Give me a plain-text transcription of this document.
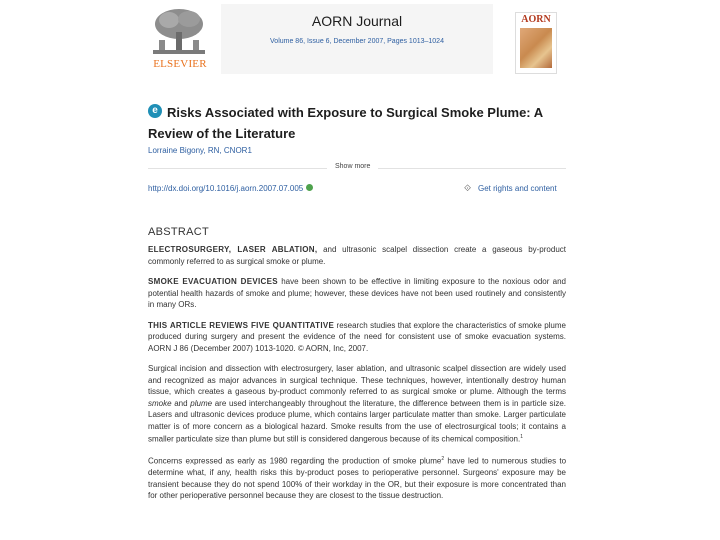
ELSEVIER
AORN Journal
Volume 86, Issue 6, December 2007, Pages 1013–1024
AORN
e Risks Associated with Exposure to Surgical Smoke Plume: A
Review of the Literature
Lorraine Bigony, RN, CNOR1
Show more
http://dx.doi.org/10.1016/j.aorn.2007.07.005	⟐ Get rights and content
ABSTRACT

ELECTROSURGERY, LASER ABLATION, and ultrasonic scalpel dissection create a gaseous by-product commonly referred to as surgical smoke or plume.

SMOKE EVACUATION DEVICES have been shown to be effective in limiting exposure to the noxious odor and potential health hazards of smoke and plume; however, these devices have not been used routinely and consistently in many ORs.

THIS ARTICLE REVIEWS FIVE QUANTITATIVE research studies that explore the characteristics of smoke plume produced during surgery and present the evidence of the need for consistent use of smoke evacuation systems. AORN J 86 (December 2007) 1013-1020. © AORN, Inc, 2007.

Surgical incision and dissection with electrosurgery, laser ablation, and ultrasonic scalpel dissection are widely used and recognized as major advances in surgical technique. These techniques, however, intentionally destroy human tissue, which creates a gaseous by-product commonly referred to as surgical smoke or plume. Although the terms smoke and plume are used interchangeably throughout the literature, the difference between them is in particle size. Lasers and ultrasonic devices produce plume, which contains larger particulate matter than smoke. Larger particulate matter is of more concern as a biological hazard. Smoke results from the use of electrosurgical tools; it contains a smaller particulate size than plume but still is considered dangerous because of its chemical composition.$^1$

Concerns expressed as early as 1980 regarding the production of smoke plume$^2$ have led to numerous studies to determine what, if any, health risks this by-product poses to perioperative personnel. Surgeons' exposure may be transient because they do not spend 100% of their workday in the OR, but their exposure is more concentrated than for other perioperative personnel because they are closest to the tissue destruction.
